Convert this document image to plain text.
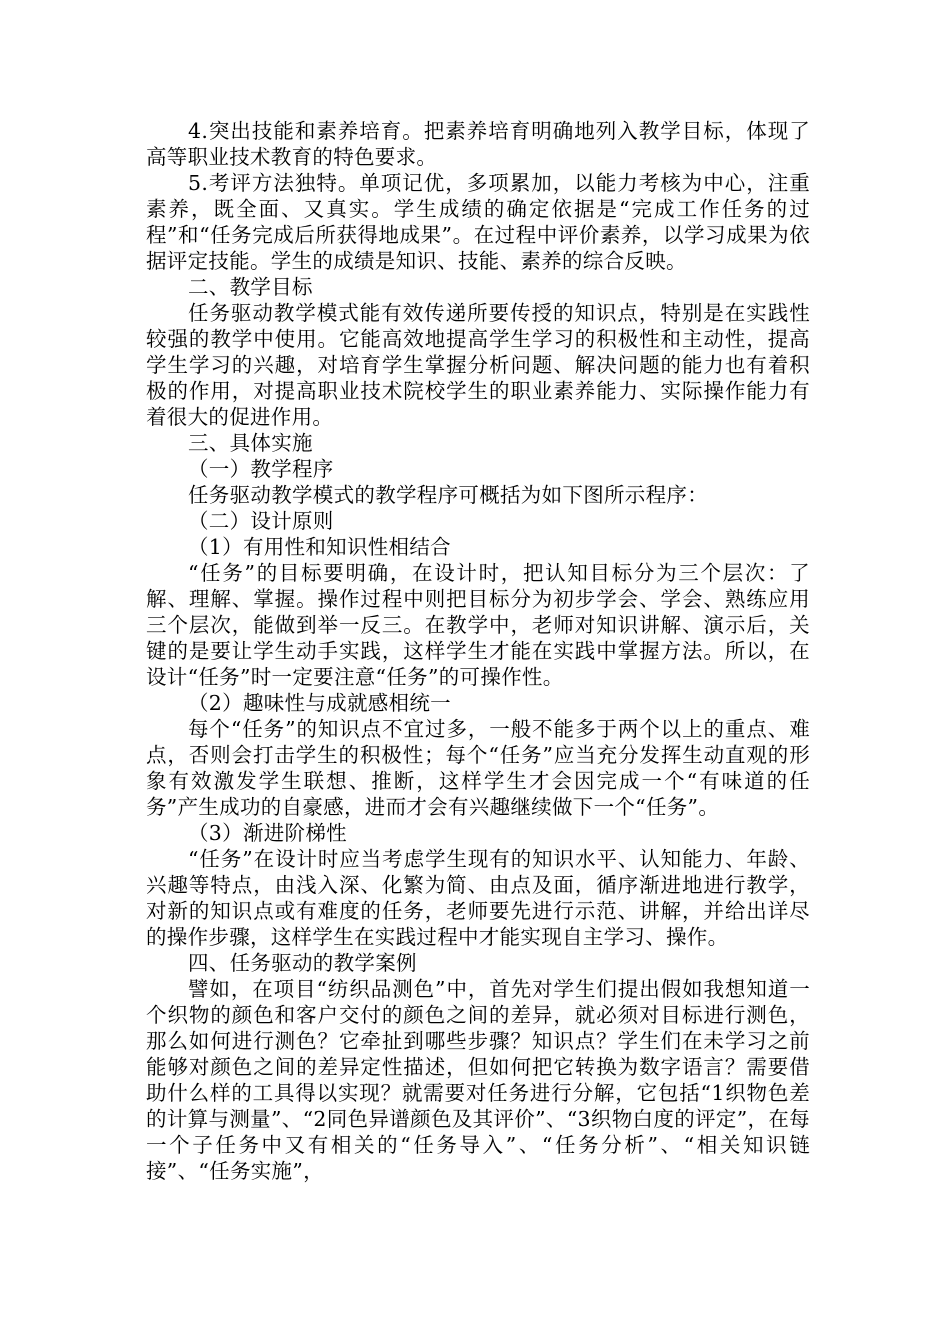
4.突出技能和素养培育。把素养培育明确地列入教学目标，体现了高等职业技术教育的特色要求。

5.考评方法独特。单项记优，多项累加，以能力考核为中心，注重素养，既全面、又真实。学生成绩的确定依据是“完成工作任务的过程”和“任务完成后所获得地成果”。在过程中评价素养，以学习成果为依据评定技能。学生的成绩是知识、技能、素养的综合反映。

二、教学目标

任务驱动教学模式能有效传递所要传授的知识点，特别是在实践性较强的教学中使用。它能高效地提高学生学习的积极性和主动性，提高学生学习的兴趣，对培育学生掌握分析问题、解决问题的能力也有着积极的作用，对提高职业技术院校学生的职业素养能力、实际操作能力有着很大的促进作用。

三、具体实施

（一）教学程序

任务驱动教学模式的教学程序可概括为如下图所示程序：

（二）设计原则

（1）有用性和知识性相结合

“任务”的目标要明确，在设计时，把认知目标分为三个层次：了解、理解、掌握。操作过程中则把目标分为初步学会、学会、熟练应用三个层次，能做到举一反三。在教学中，老师对知识讲解、演示后，关键的是要让学生动手实践，这样学生才能在实践中掌握方法。所以，在设计“任务”时一定要注意“任务”的可操作性。

（2）趣味性与成就感相统一

每个“任务”的知识点不宜过多，一般不能多于两个以上的重点、难点，否则会打击学生的积极性；每个“任务”应当充分发挥生动直观的形象有效激发学生联想、推断，这样学生才会因完成一个“有味道的任务”产生成功的自豪感，进而才会有兴趣继续做下一个“任务”。

（3）渐进阶梯性

“任务”在设计时应当考虑学生现有的知识水平、认知能力、年龄、兴趣等特点，由浅入深、化繁为简、由点及面，循序渐进地进行教学，对新的知识点或有难度的任务，老师要先进行示范、讲解，并给出详尽的操作步骤，这样学生在实践过程中才能实现自主学习、操作。

四、任务驱动的教学案例

譬如，在项目“纺织品测色”中，首先对学生们提出假如我想知道一个织物的颜色和客户交付的颜色之间的差异，就必须对目标进行测色，那么如何进行测色？它牵扯到哪些步骤？知识点？学生们在未学习之前能够对颜色之间的差异定性描述，但如何把它转换为数字语言？需要借助什么样的工具得以实现？就需要对任务进行分解，它包括“1织物色差的计算与测量”、“2同色异谱颜色及其评价”、“3织物白度的评定”，在每一个子任务中又有相关的“任务导入”、“任务分析”、“相关知识链接”、“任务实施”，
